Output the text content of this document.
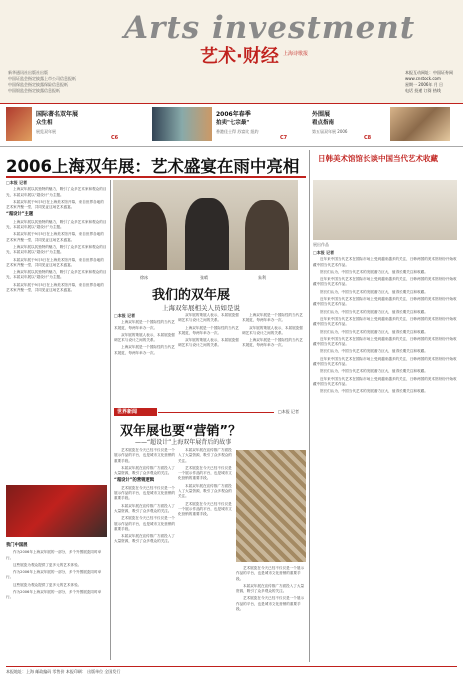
Arts investment
艺术·财经 上海诗歌报
新华通讯社出版社出版
中国证监会指定披露上市公司信息报纸
中国保监会指定披露保险信息报纸
中国银监会指定披露信息报纸
本报互动网址：中国证券网
www.cnstock.com
星期一 2006年 月 日
电话 投递 订阅 热线
国际著名双年展
众生相
展览双年展
C6
2006年春季
拍卖"七宗最"
香港佳士得 苏富比 纽约
C7
外围展
看点指南
第五届双年展 2006
C8
2006上海双年展：艺术盛宴在雨中亮相
□本报 记者

上海双年展以其独特的魅力，吸引了众多艺术家和观众的目光，本届双年展以“超设计”为主题。

本届双年展于9月5日在上海美术馆开幕，来自世界各地的艺术家齐聚一堂，共同见证这场艺术盛宴。

“超设计”主题

上海双年展以其独特的魅力，吸引了众多艺术家和观众的目光，本届双年展以“超设计”为主题。

本届双年展于9月5日在上海美术馆开幕，来自世界各地的艺术家齐聚一堂，共同见证这场艺术盛宴。

上海双年展以其独特的魅力，吸引了众多艺术家和观众的目光，本届双年展以“超设计”为主题。

本届双年展于9月5日在上海美术馆开幕，来自世界各地的艺术家齐聚一堂，共同见证这场艺术盛宴。

上海双年展以其独特的魅力，吸引了众多艺术家和观众的目光，本届双年展以“超设计”为主题。

本届双年展于9月5日在上海美术馆开幕，来自世界各地的艺术家齐聚一堂，共同见证这场艺术盛宴。

我门中国展

作为2006年上海双年展的一部分，多个外围展览同时举行。

这些展览为观众提供了更多元的艺术体验。

作为2006年上海双年展的一部分，多个外围展览同时举行。

这些展览为观众提供了更多元的艺术体验。

作为2006年上海双年展的一部分，多个外围展览同时举行。

徐冰	张晴	朱利
我们的双年展
上海双年展相关人员如是说
□本报 记者

上海双年展是一个国际性的当代艺术展览，每两年举办一次。

双年展的策展人表示，本届展览强调艺术与设计之间的关系。

上海双年展是一个国际性的当代艺术展览，每两年举办一次。

双年展的策展人表示，本届展览强调艺术与设计之间的关系。

上海双年展是一个国际性的当代艺术展览，每两年举办一次。

双年展的策展人表示，本届展览强调艺术与设计之间的关系。

上海双年展是一个国际性的当代艺术展览，每两年举办一次。

双年展的策展人表示，本届展览强调艺术与设计之间的关系。

上海双年展是一个国际性的当代艺术展览，每两年举办一次。

世界新闻	□本报 记者
双年展也要“营销”？
——“超设计”上海双年展背后的故事

艺术展览在今天已经不仅仅是一个展示作品的平台，也是城市文化营销的重要手段。

本届双年展在宣传推广方面投入了大量资源，吸引了众多观众的关注。

“超设计”的营销逻辑

艺术展览在今天已经不仅仅是一个展示作品的平台，也是城市文化营销的重要手段。

本届双年展在宣传推广方面投入了大量资源，吸引了众多观众的关注。

艺术展览在今天已经不仅仅是一个展示作品的平台，也是城市文化营销的重要手段。

本届双年展在宣传推广方面投入了大量资源，吸引了众多观众的关注。

本届双年展在宣传推广方面投入了大量资源，吸引了众多观众的关注。

艺术展览在今天已经不仅仅是一个展示作品的平台，也是城市文化营销的重要手段。

本届双年展在宣传推广方面投入了大量资源，吸引了众多观众的关注。

艺术展览在今天已经不仅仅是一个展示作品的平台，也是城市文化营销的重要手段。

艺术展览在今天已经不仅仅是一个展示作品的平台，也是城市文化营销的重要手段。

本届双年展在宣传推广方面投入了大量资源，吸引了众多观众的关注。

艺术展览在今天已经不仅仅是一个展示作品的平台，也是城市文化营销的重要手段。

日韩美术馆馆长谈中国当代艺术收藏
展出作品
□本报 记者

近年来中国当代艺术在国际市场上受到越来越多的关注，日韩两国的美术馆纷纷开始收藏中国当代艺术作品。

馆长们认为，中国当代艺术的发展潜力巨大，值得长期关注和收藏。

近年来中国当代艺术在国际市场上受到越来越多的关注，日韩两国的美术馆纷纷开始收藏中国当代艺术作品。

馆长们认为，中国当代艺术的发展潜力巨大，值得长期关注和收藏。

近年来中国当代艺术在国际市场上受到越来越多的关注，日韩两国的美术馆纷纷开始收藏中国当代艺术作品。

馆长们认为，中国当代艺术的发展潜力巨大，值得长期关注和收藏。

近年来中国当代艺术在国际市场上受到越来越多的关注，日韩两国的美术馆纷纷开始收藏中国当代艺术作品。

馆长们认为，中国当代艺术的发展潜力巨大，值得长期关注和收藏。

近年来中国当代艺术在国际市场上受到越来越多的关注，日韩两国的美术馆纷纷开始收藏中国当代艺术作品。

馆长们认为，中国当代艺术的发展潜力巨大，值得长期关注和收藏。

近年来中国当代艺术在国际市场上受到越来越多的关注，日韩两国的美术馆纷纷开始收藏中国当代艺术作品。

馆长们认为，中国当代艺术的发展潜力巨大，值得长期关注和收藏。

近年来中国当代艺术在国际市场上受到越来越多的关注，日韩两国的美术馆纷纷开始收藏中国当代艺术作品。

馆长们认为，中国当代艺术的发展潜力巨大，值得长期关注和收藏。

本报地址：上海 邮政编码 零售价 本报印刷： 出版单位 全国发行
